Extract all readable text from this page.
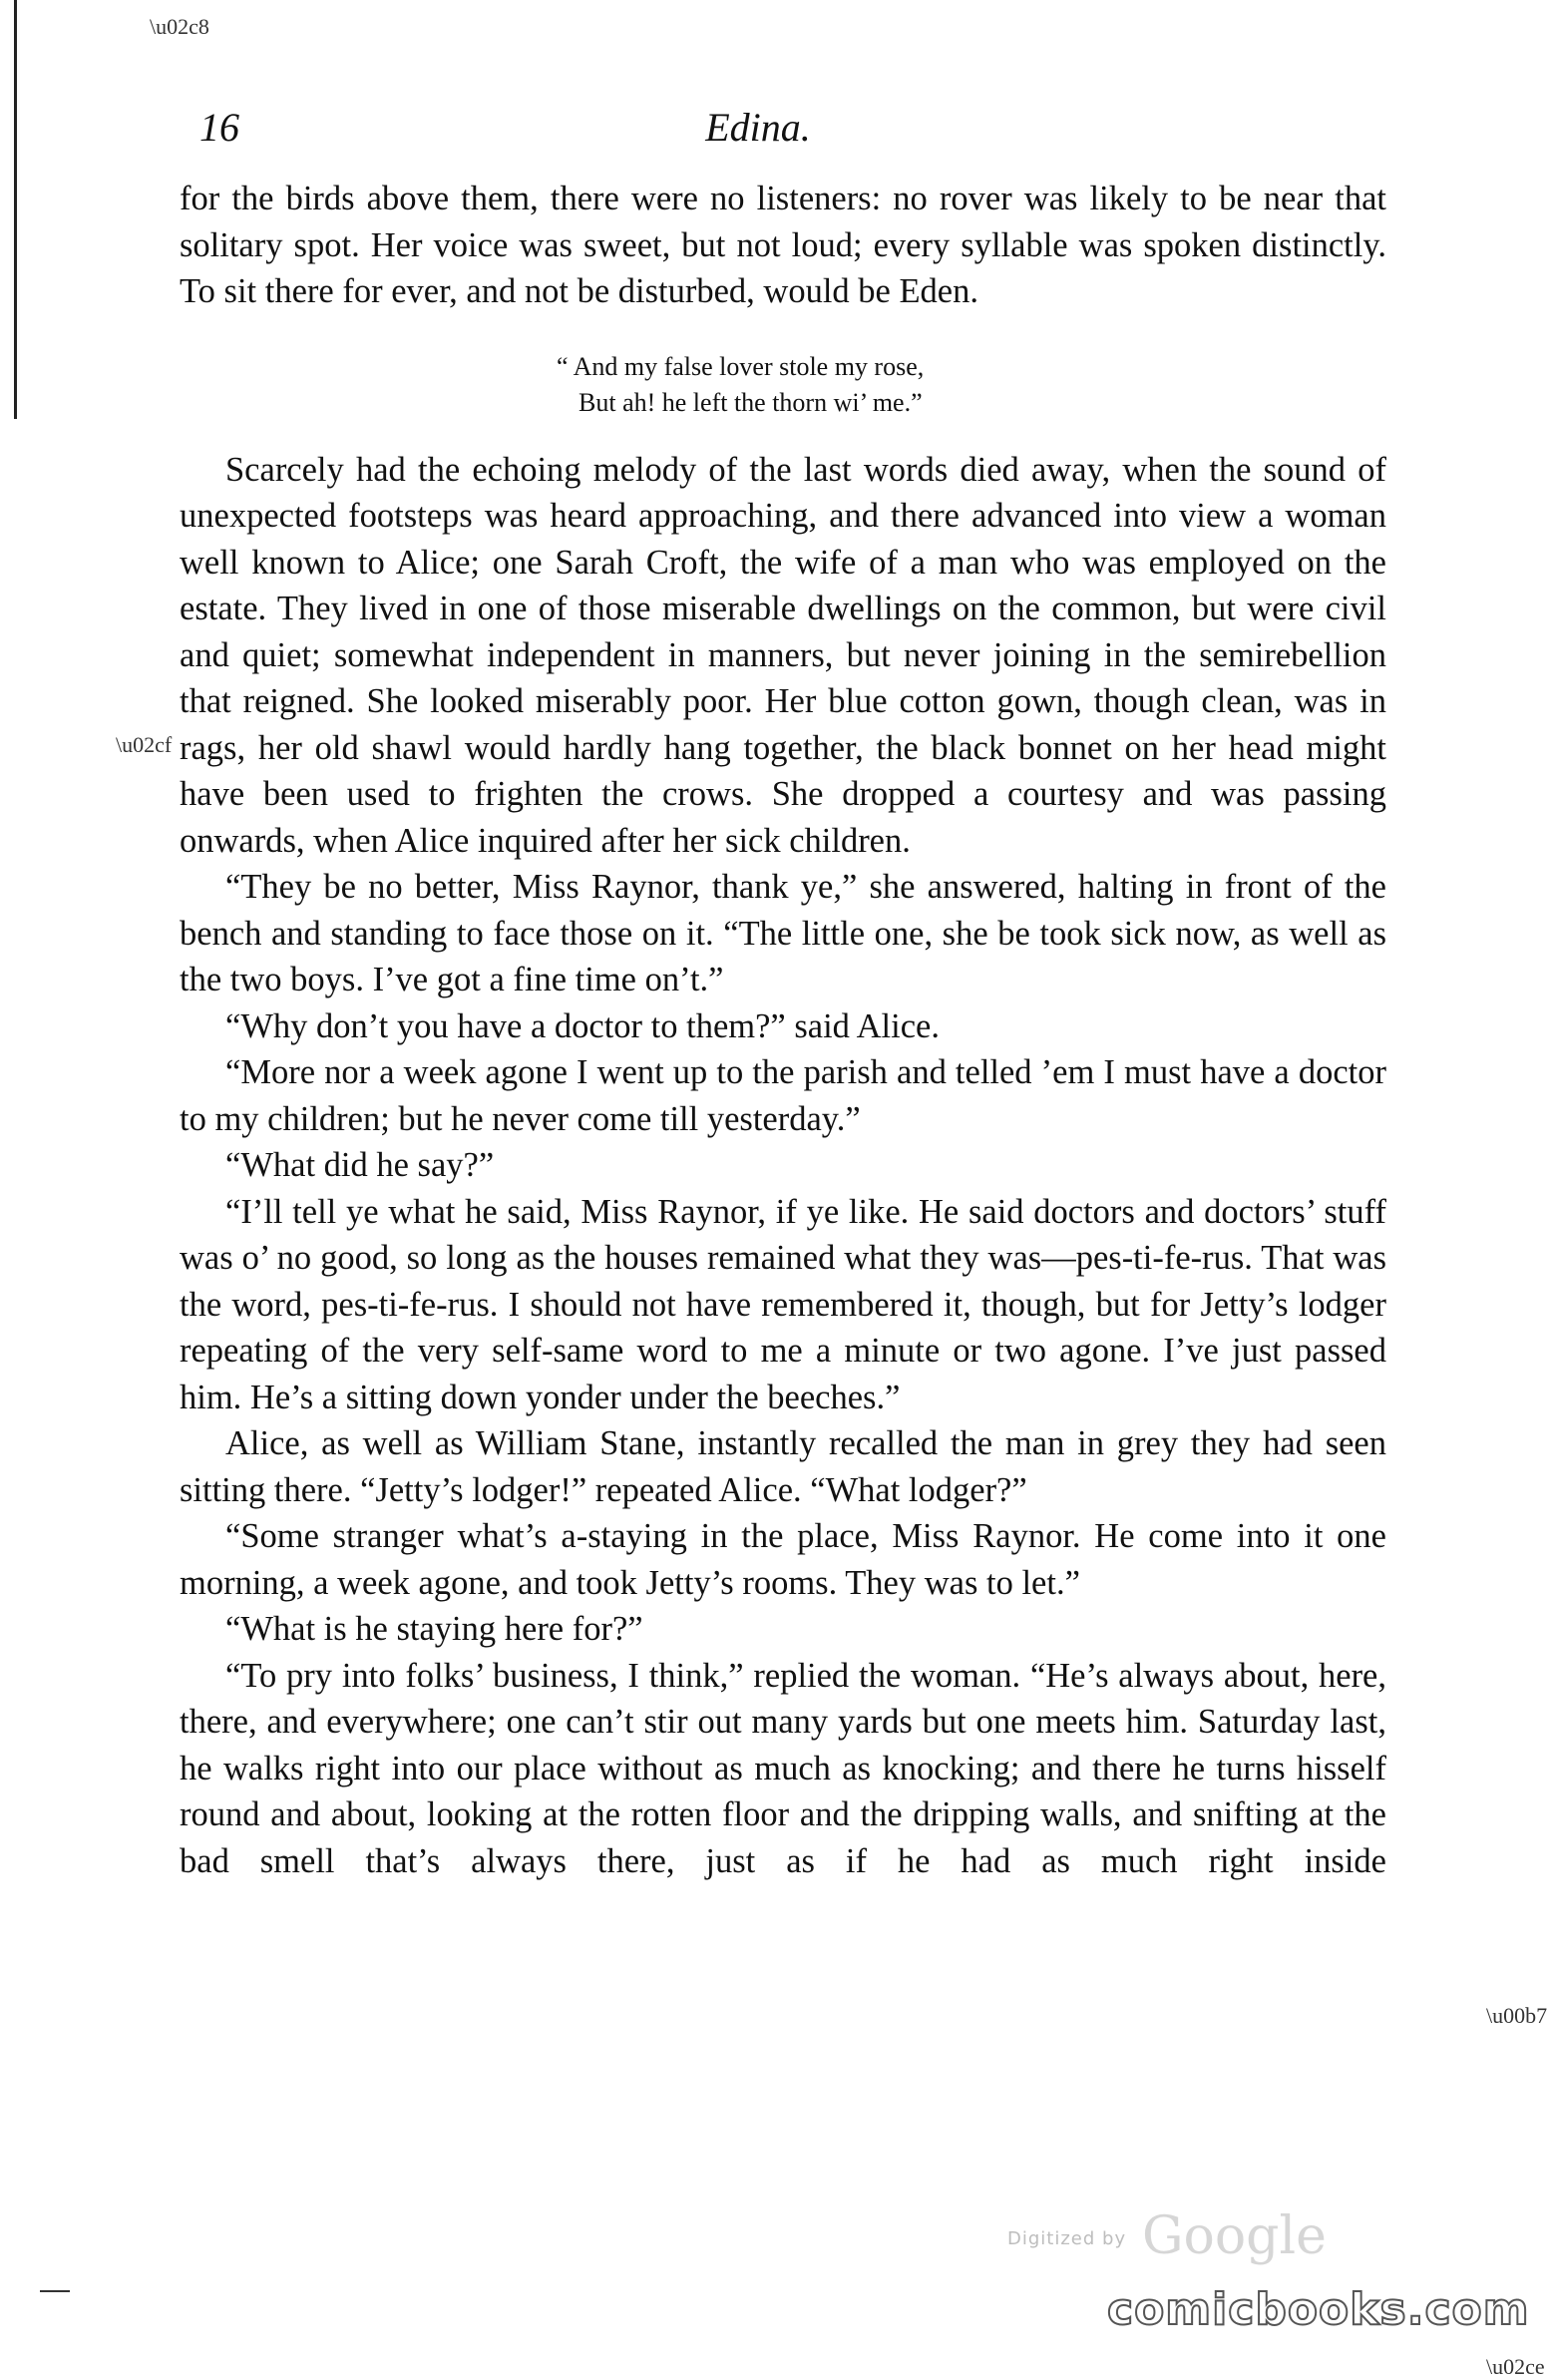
\u02c8
\u02cf
\u00b7
\u02ce
16	Edina.

for the birds above them, there were no listeners: no rover was likely to be near that solitary spot. Her voice was sweet, but not loud; every syllable was spoken distinctly. To sit there for ever, and not be disturbed, would be Eden.

“ And my false lover stole my rose,
But ah! he left the thorn wi’ me.”

Scarcely had the echoing melody of the last words died away, when the sound of unexpected footsteps was heard approaching, and there advanced into view a woman well known to Alice; one Sarah Croft, the wife of a man who was employed on the estate. They lived in one of those miserable dwellings on the common, but were civil and quiet; somewhat independent in manners, but never joining in the semirebellion that reigned. She looked miserably poor. Her blue cotton gown, though clean, was in rags, her old shawl would hardly hang together, the black bonnet on her head might have been used to frighten the crows. She dropped a courtesy and was passing onwards, when Alice inquired after her sick children.

“They be no better, Miss Raynor, thank ye,” she answered, halting in front of the bench and standing to face those on it. “The little one, she be took sick now, as well as the two boys. I’ve got a fine time on’t.”

“Why don’t you have a doctor to them?” said Alice.

“More nor a week agone I went up to the parish and telled ’em I must have a doctor to my children; but he never come till yesterday.”

“What did he say?”

“I’ll tell ye what he said, Miss Raynor, if ye like. He said doctors and doctors’ stuff was o’ no good, so long as the houses remained what they was—pes-ti-fe-rus. That was the word, pes-ti-fe-rus. I should not have remembered it, though, but for Jetty’s lodger repeating of the very self-same word to me a minute or two agone. I’ve just passed him. He’s a sitting down yonder under the beeches.”

Alice, as well as William Stane, instantly recalled the man in grey they had seen sitting there. “Jetty’s lodger!” repeated Alice. “What lodger?”

“Some stranger what’s a-staying in the place, Miss Raynor. He come into it one morning, a week agone, and took Jetty’s rooms. They was to let.”

“What is he staying here for?”

“To pry into folks’ business, I think,” replied the woman. “He’s always about, here, there, and everywhere; one can’t stir out many yards but one meets him. Saturday last, he walks right into our place without as much as knocking; and there he turns hisself round and about, looking at the rotten floor and the dripping walls, and snifting at the bad smell that’s always there, just as if he had as much right inside

Digitized by Google
comicbooks.com
